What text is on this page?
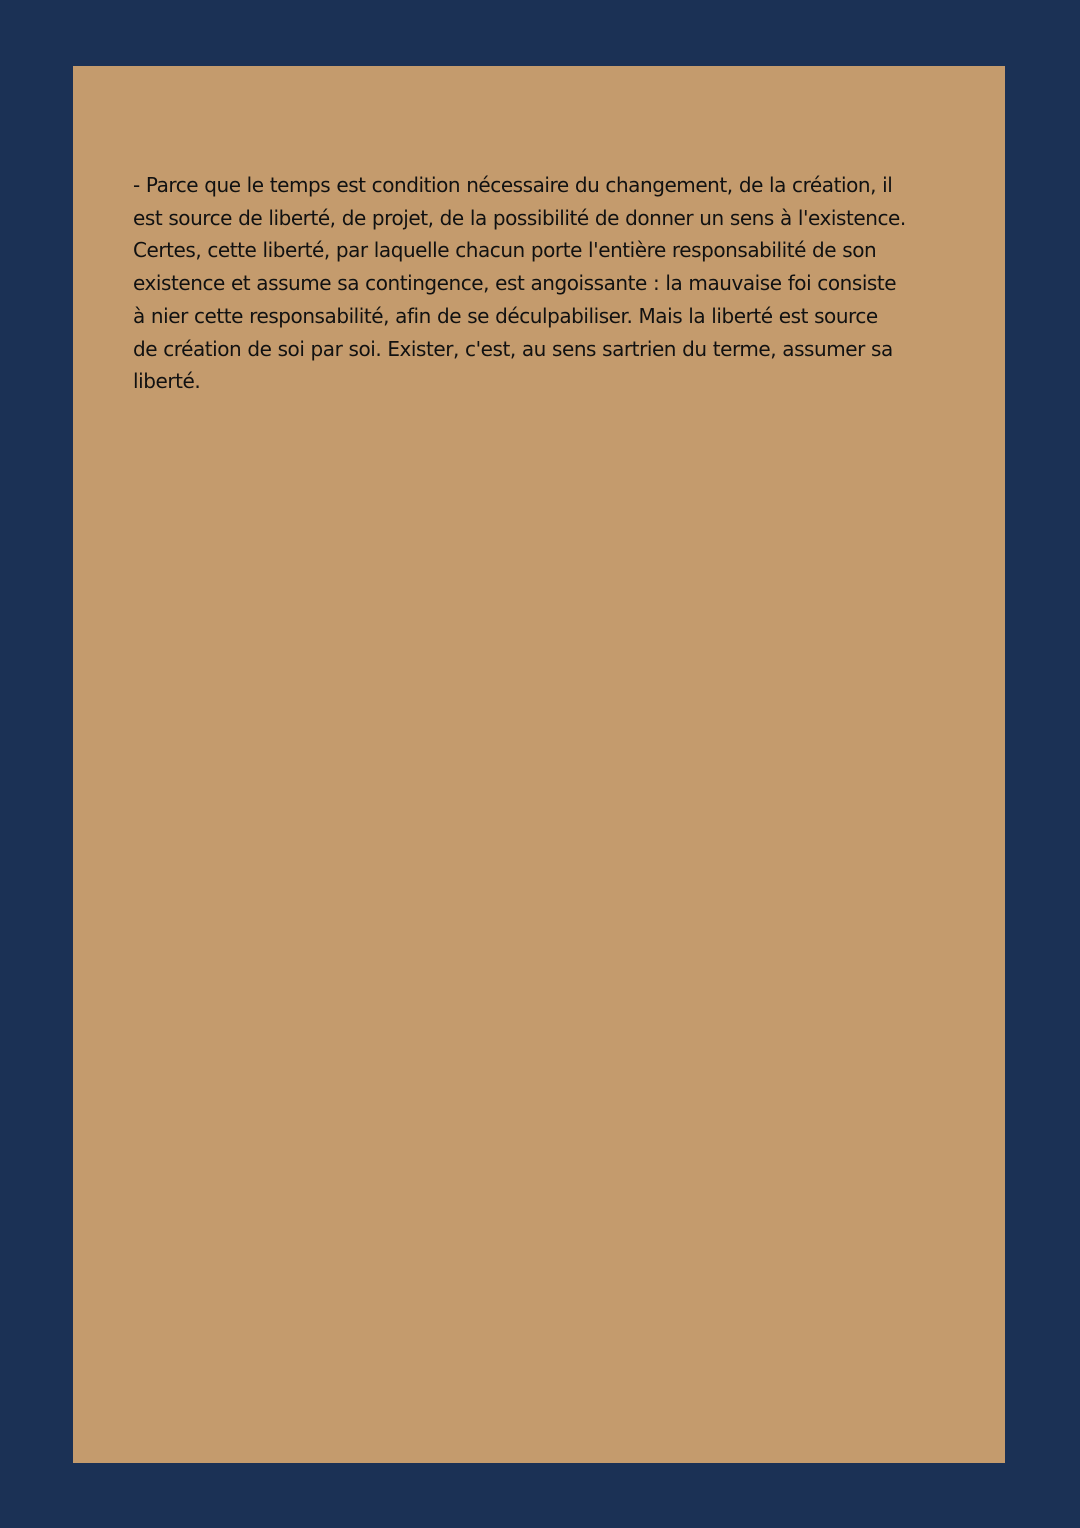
- Parce que le temps est condition nécessaire du changement, de la création, il
est source de liberté, de projet, de la possibilité de donner un sens à l'existence.
Certes, cette liberté, par laquelle chacun porte l'entière responsabilité de son
existence et assume sa contingence, est angoissante : la mauvaise foi consiste
à nier cette responsabilité, afin de se déculpabiliser. Mais la liberté est source
de création de soi par soi. Exister, c'est, au sens sartrien du terme, assumer sa
liberté.
